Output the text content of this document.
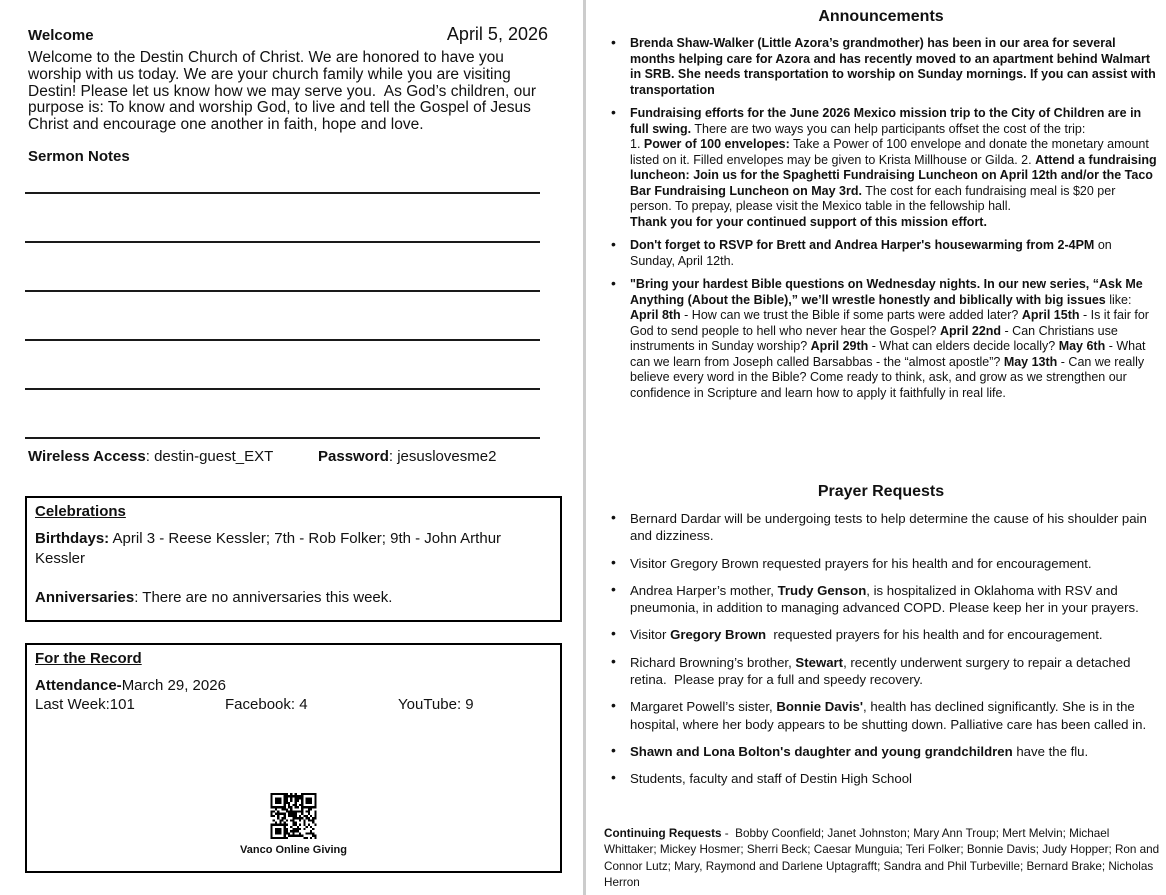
Welcome	April 5, 2026

Welcome to the Destin Church of Christ. We are honored to have you worship with us today. We are your church family while you are visiting Destin! Please let us know how we may serve you.  As God’s children, our purpose is: To know and worship God, to live and tell the Gospel of Jesus Christ and encourage one another in faith, hope and love.

Sermon Notes
Wireless Access: destin-guest_EXT	Password: jesuslovesme2
Celebrations

Birthdays: April 3 - Reese Kessler; 7th - Rob Folker; 9th - John Arthur Kessler

Anniversaries: There are no anniversaries this week.

For the Record

Attendance-March 29, 2026

Last Week:101	Facebook: 4	YouTube: 9
Vanco Online Giving
Announcements
• Brenda Shaw-Walker (Little Azora’s grandmother) has been in our area for several months helping care for Azora and has recently moved to an apartment behind Walmart in SRB. She needs transportation to worship on Sunday mornings. If you can assist with transportation
• Fundraising efforts for the June 2026 Mexico mission trip to the City of Children are in full swing. There are two ways you can help participants offset the cost of the trip:
1. Power of 100 envelopes: Take a Power of 100 envelope and donate the monetary amount listed on it. Filled envelopes may be given to Krista Millhouse or Gilda. 2. Attend a fundraising luncheon: Join us for the Spaghetti Fundraising Luncheon on April 12th and/or the Taco Bar Fundraising Luncheon on May 3rd. The cost for each fundraising meal is $20 per person. To prepay, please visit the Mexico table in the fellowship hall.
Thank you for your continued support of this mission effort.
• Don't forget to RSVP for Brett and Andrea Harper's housewarming from 2-4PM on Sunday, April 12th.
• "Bring your hardest Bible questions on Wednesday nights. In our new series, “Ask Me Anything (About the Bible),” we’ll wrestle honestly and biblically with big issues like: April 8th - How can we trust the Bible if some parts were added later? April 15th - Is it fair for God to send people to hell who never hear the Gospel? April 22nd - Can Christians use instruments in Sunday worship? April 29th - What can elders decide locally? May 6th - What can we learn from Joseph called Barsabbas - the “almost apostle”? May 13th - Can we really believe every word in the Bible? Come ready to think, ask, and grow as we strengthen our confidence in Scripture and learn how to apply it faithfully in real life.
Prayer Requests
• Bernard Dardar will be undergoing tests to help determine the cause of his shoulder pain and dizziness.
• Visitor Gregory Brown requested prayers for his health and for encouragement.
• Andrea Harper’s mother, Trudy Genson, is hospitalized in Oklahoma with RSV and pneumonia, in addition to managing advanced COPD. Please keep her in your prayers.
• Visitor Gregory Brown  requested prayers for his health and for encouragement.
• Richard Browning’s brother, Stewart, recently underwent surgery to repair a detached retina.  Please pray for a full and speedy recovery.
• Margaret Powell’s sister, Bonnie Davis', health has declined significantly. She is in the hospital, where her body appears to be shutting down. Palliative care has been called in.
• Shawn and Lona Bolton's daughter and young grandchildren have the flu.
• Students, faculty and staff of Destin High School

Continuing Requests -  Bobby Coonfield; Janet Johnston; Mary Ann Troup; Mert Melvin; Michael Whittaker; Mickey Hosmer; Sherri Beck; Caesar Munguia; Teri Folker; Bonnie Davis; Judy Hopper; Ron and Connor Lutz; Mary, Raymond and Darlene Uptagrafft; Sandra and Phil Turbeville; Bernard Brake; Nicholas Herron
